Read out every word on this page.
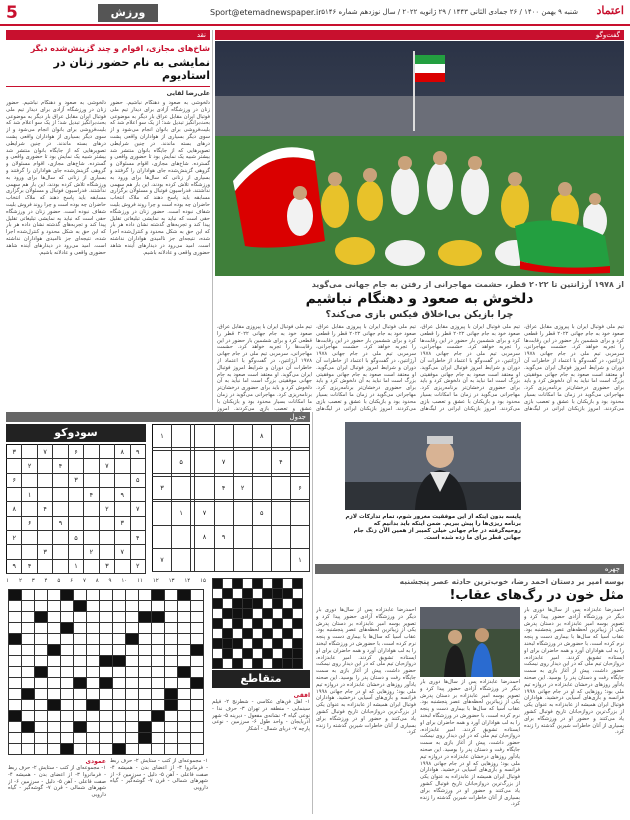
5	ورزش	Sport@etemadnewspaper.ir شنبه ۹ بهمن ۱۴۰۰ / ۲۶ جمادی الثانی ۱۴۴۳ / ۲۹ ژانویه ۲۰۲۲ / سال نوزدهم شماره ۵۱۴۶ اعتماد
نقد
شاخ‌های مجازی، اقوام و چند گزینش‌شده دیگر
نمایشی به نام حضور زنان در استادیوم
علی‌رضا لقایی
دلخوشی به صعود و دهنگام نباشیم. حضور زنان در ورزشگاه آزادی برای دیدار تیم ملی فوتبال ایران مقابل عراق بار دیگر به موضوعی بحث‌برانگیز تبدیل شد؛ از یک سو اعلام شد که بلیت‌فروشی برای بانوان انجام می‌شود و از سوی دیگر بسیاری از هواداران واقعی پشت درهای بسته ماندند. در چنین شرایطی تصویرهایی که از جایگاه بانوان منتشر شد بیشتر شبیه یک نمایش بود تا حضوری واقعی و گسترده. شاخ‌های مجازی، اقوام مسئولان و گروهی گزینش‌شده جای هواداران را گرفتند و بسیاری از زنانی که سال‌ها برای ورود به ورزشگاه تلاش کرده بودند، این بار هم سهمی نداشتند. فدراسیون فوتبال و مسئولان برگزاری مسابقه باید پاسخ دهند که ملاک انتخاب حاضران چه بوده است و چرا روند فروش بلیت شفاف نبوده است. حضور زنان در ورزشگاه حقی است که نباید به نمایشی تبلیغاتی تقلیل پیدا کند و تجربه‌های گذشته نشان داده هر بار که این حق به شکل محدود و کنترل‌شده اجرا شده، نتیجه‌ای جز ناامیدی هواداران نداشته است. امید می‌رود در دیدارهای آینده شاهد حضوری واقعی و عادلانه باشیم.
دلخوشی به صعود و دهنگام نباشیم. حضور زنان در ورزشگاه آزادی برای دیدار تیم ملی فوتبال ایران مقابل عراق بار دیگر به موضوعی بحث‌برانگیز تبدیل شد؛ از یک سو اعلام شد که بلیت‌فروشی برای بانوان انجام می‌شود و از سوی دیگر بسیاری از هواداران واقعی پشت درهای بسته ماندند. در چنین شرایطی تصویرهایی که از جایگاه بانوان منتشر شد بیشتر شبیه یک نمایش بود تا حضوری واقعی و گسترده. شاخ‌های مجازی، اقوام مسئولان و گروهی گزینش‌شده جای هواداران را گرفتند و بسیاری از زنانی که سال‌ها برای ورود به ورزشگاه تلاش کرده بودند، این بار هم سهمی نداشتند. فدراسیون فوتبال و مسئولان برگزاری مسابقه باید پاسخ دهند که ملاک انتخاب حاضران چه بوده است و چرا روند فروش بلیت شفاف نبوده است. حضور زنان در ورزشگاه حقی است که نباید به نمایشی تبلیغاتی تقلیل پیدا کند و تجربه‌های گذشته نشان داده هر بار که این حق به شکل محدود و کنترل‌شده اجرا شده، نتیجه‌ای جز ناامیدی هواداران نداشته است. امید می‌رود در دیدارهای آینده شاهد حضوری واقعی و عادلانه باشیم.
گفت‌وگو
از ۱۹۷۸ آرژانتین تا ۲۰۲۲ قطر، حشمت مهاجرانی از رفتن به جام جهانی می‌گوید
دلخوش به صعود و دهنگام نباشیم
چرا بازیکن بی‌اخلاق فیکس بازی می‌کند؟
تیم ملی فوتبال ایران با پیروزی مقابل عراق، صعود خود به جام جهانی ۲۰۲۲ قطر را قطعی کرد و برای ششمین بار حضور در این رقابت‌ها را تجربه خواهد کرد. حشمت مهاجرانی، سرمربی تیم ملی در جام جهانی ۱۹۷۸ آرژانتین، در گفت‌وگو با اعتماد از خاطرات آن دوران و شرایط امروز فوتبال ایران می‌گوید. او معتقد است صعود به جام جهانی موفقیتی بزرگ است اما نباید به آن دلخوش کرد و باید برای حضوری درخشان‌تر برنامه‌ریزی کرد. مهاجرانی می‌گوید در زمان ما امکانات بسیار محدود بود و بازیکنان با عشق و تعصب بازی می‌کردند. امروز بازیکنان ایرانی در لیگ‌های
تیم ملی فوتبال ایران با پیروزی مقابل عراق، صعود خود به جام جهانی ۲۰۲۲ قطر را قطعی کرد و برای ششمین بار حضور در این رقابت‌ها را تجربه خواهد کرد. حشمت مهاجرانی، سرمربی تیم ملی در جام جهانی ۱۹۷۸ آرژانتین، در گفت‌وگو با اعتماد از خاطرات آن دوران و شرایط امروز فوتبال ایران می‌گوید. او معتقد است صعود به جام جهانی موفقیتی بزرگ است اما نباید به آن دلخوش کرد و باید برای حضوری درخشان‌تر برنامه‌ریزی کرد. مهاجرانی می‌گوید در زمان ما امکانات بسیار محدود بود و بازیکنان با عشق و تعصب بازی می‌کردند. امروز بازیکنان ایرانی در لیگ‌های
تیم ملی فوتبال ایران با پیروزی مقابل عراق، صعود خود به جام جهانی ۲۰۲۲ قطر را قطعی کرد و برای ششمین بار حضور در این رقابت‌ها را تجربه خواهد کرد. حشمت مهاجرانی، سرمربی تیم ملی در جام جهانی ۱۹۷۸ آرژانتین، در گفت‌وگو با اعتماد از خاطرات آن دوران و شرایط امروز فوتبال ایران می‌گوید. او معتقد است صعود به جام جهانی موفقیتی بزرگ است اما نباید به آن دلخوش کرد و باید برای حضوری درخشان‌تر برنامه‌ریزی کرد. مهاجرانی می‌گوید در زمان ما امکانات بسیار محدود بود و بازیکنان با عشق و تعصب بازی می‌کردند. امروز بازیکنان ایرانی در لیگ‌های
تیم ملی فوتبال ایران با پیروزی مقابل عراق، صعود خود به جام جهانی ۲۰۲۲ قطر را قطعی کرد و برای ششمین بار حضور در این رقابت‌ها را تجربه خواهد کرد. حشمت مهاجرانی، سرمربی تیم ملی در جام جهانی ۱۹۷۸ آرژانتین، در گفت‌وگو با اعتماد از خاطرات آن دوران و شرایط امروز فوتبال ایران می‌گوید. او معتقد است صعود به جام جهانی موفقیتی بزرگ است اما نباید به آن دلخوش کرد و باید برای حضوری درخشان‌تر برنامه‌ریزی کرد. مهاجرانی می‌گوید در زمان ما امکانات بسیار محدود بود و بازیکنان با عشق و تعصب بازی می‌کردند. امروز
جدول
سودوکو
۳		۷		۶			۸	۹
	۲		۴			۷		
۶				۳				۵
	۱				۴		۹	
۸		۴				۲		۷
	۶		۹				۳	
۲				۵				۴
		۳			۲		۷	
۹	۴			۱		۳		۲
۱						۸		

	۵			۷			۴	

۳				۴	۲			۶

	۱		۷			۵		
			۸	۹				
۷								۱
۱۵
۱۴
۱۳
۱۲
۱۱
۱۰
۹
۸
۷
۶
۵
۴
۳
۲
۱

متقاطع
افقی
۱- اهل فن‌های عکاسی - شطرنج ۲- فیلم سینمایی - منطقه در تهران ۳- حرف ندا - نوعی گیاه ۴- نشانه‌ی مفعول - دیرینه ۵- شهر آذربایجان - واحد طول ۶- سرزمین - نوعی پارچه ۷- دریای شمال - آشکار
عمودی
۱- مجموعه‌ای از کتب - ستایش ۲- حرف ربط - فرمانروا ۳- از اعضای بدن - همیشه ۴- صفت فاعلی - آهن ۵- دلیل - سرزمین ۶- از شهرهای شمالی - قرن ۷- گوشه‌گیر - گیاه دارویی
۱- مجموعه‌ای از کتب - ستایش ۲- حرف ربط - فرمانروا ۳- از اعضای بدن - همیشه ۴- صفت فاعلی - آهن ۵- دلیل - سرزمین ۶- از شهرهای شمالی - قرن ۷- گوشه‌گیر - گیاه دارویی
پایسه بدون اینکه از این موفقیت مغرور شوم، تمام تدارکات لازم برنامه ریزی‌ها را پیش ببریم. ضمن اینکه باید بدانیم که روحیه‌گرفته در جام جهانی خیلی کمیبر از همین الآن زنگ جام جهانی قطر برای ما زده شده است.
چهره
بوسه امیر بر دستان احمد رضا، خوب‌ترین حادثه عصر پنجشنبه
مثل خون در رگ‌های عقاب!
احمدرضا عابدزاده پس از سال‌ها دوری بار دیگر در ورزشگاه آزادی حضور پیدا کرد و تصویر بوسه امیر عابدزاده بر دستان پدرش یکی از زیباترین لحظه‌های عصر پنجشنبه بود. عقاب آسیا که سال‌ها با بیماری دست و پنجه نرم کرده است، با حضورش در ورزشگاه لبخند را به لب هواداران آورد و همه حاضران برای او ایستاده تشویق کردند. امیر عابدزاده، دروازه‌بان تیم ملی که در این دیدار روی نیمکت حضور داشت، پیش از آغاز بازی به سمت جایگاه رفت و دستان پدر را بوسید. این صحنه یادآور روزهای درخشان عابدزاده در دروازه تیم ملی بود؛ روزهایی که او در جام جهانی ۱۹۹۸ فرانسه و بازی‌های آسیایی درخشید. هواداران فوتبال ایران همیشه از عابدزاده به عنوان یکی از بزرگ‌ترین دروازه‌بانان تاریخ فوتبال کشور یاد می‌کنند و حضور او در ورزشگاه برای بسیاری از آنان خاطرات شیرین گذشته را زنده کرد.
احمدرضا عابدزاده پس از سال‌ها دوری بار دیگر در ورزشگاه آزادی حضور پیدا کرد و تصویر بوسه امیر عابدزاده بر دستان پدرش یکی از زیباترین لحظه‌های عصر پنجشنبه بود. عقاب آسیا که سال‌ها با بیماری دست و پنجه نرم کرده است، با حضورش در ورزشگاه لبخند را به لب هواداران آورد و همه حاضران برای او ایستاده تشویق کردند. امیر عابدزاده، دروازه‌بان تیم ملی که در این دیدار روی نیمکت حضور داشت، پیش از آغاز بازی به سمت جایگاه رفت و دستان پدر را بوسید. این صحنه یادآور روزهای درخشان عابدزاده در دروازه تیم ملی بود؛ روزهایی که او در جام جهانی ۱۹۹۸ فرانسه و بازی‌های آسیایی درخشید. هواداران فوتبال ایران همیشه از عابدزاده به عنوان یکی از بزرگ‌ترین دروازه‌بانان تاریخ فوتبال کشور یاد می‌کنند و حضور او در ورزشگاه برای بسیاری از آنان خاطرات شیرین گذشته را زنده کرد.
احمدرضا عابدزاده پس از سال‌ها دوری بار دیگر در ورزشگاه آزادی حضور پیدا کرد و تصویر بوسه امیر عابدزاده بر دستان پدرش یکی از زیباترین لحظه‌های عصر پنجشنبه بود. عقاب آسیا که سال‌ها با بیماری دست و پنجه نرم کرده است، با حضورش در ورزشگاه لبخند را به لب هواداران آورد و همه حاضران برای او ایستاده تشویق کردند. امیر عابدزاده، دروازه‌بان تیم ملی که در این دیدار روی نیمکت حضور داشت، پیش از آغاز بازی به سمت جایگاه رفت و دستان پدر را بوسید. این صحنه یادآور روزهای درخشان عابدزاده در دروازه تیم ملی بود؛ روزهایی که او در جام جهانی ۱۹۹۸ فرانسه و بازی‌های آسیایی درخشید. هواداران فوتبال ایران همیشه از عابدزاده به عنوان یکی از بزرگ‌ترین دروازه‌بانان تاریخ فوتبال کشور یاد می‌کنند و حضور او در ورزشگاه برای بسیاری از آنان خاطرات شیرین گذشته را زنده کرد.
